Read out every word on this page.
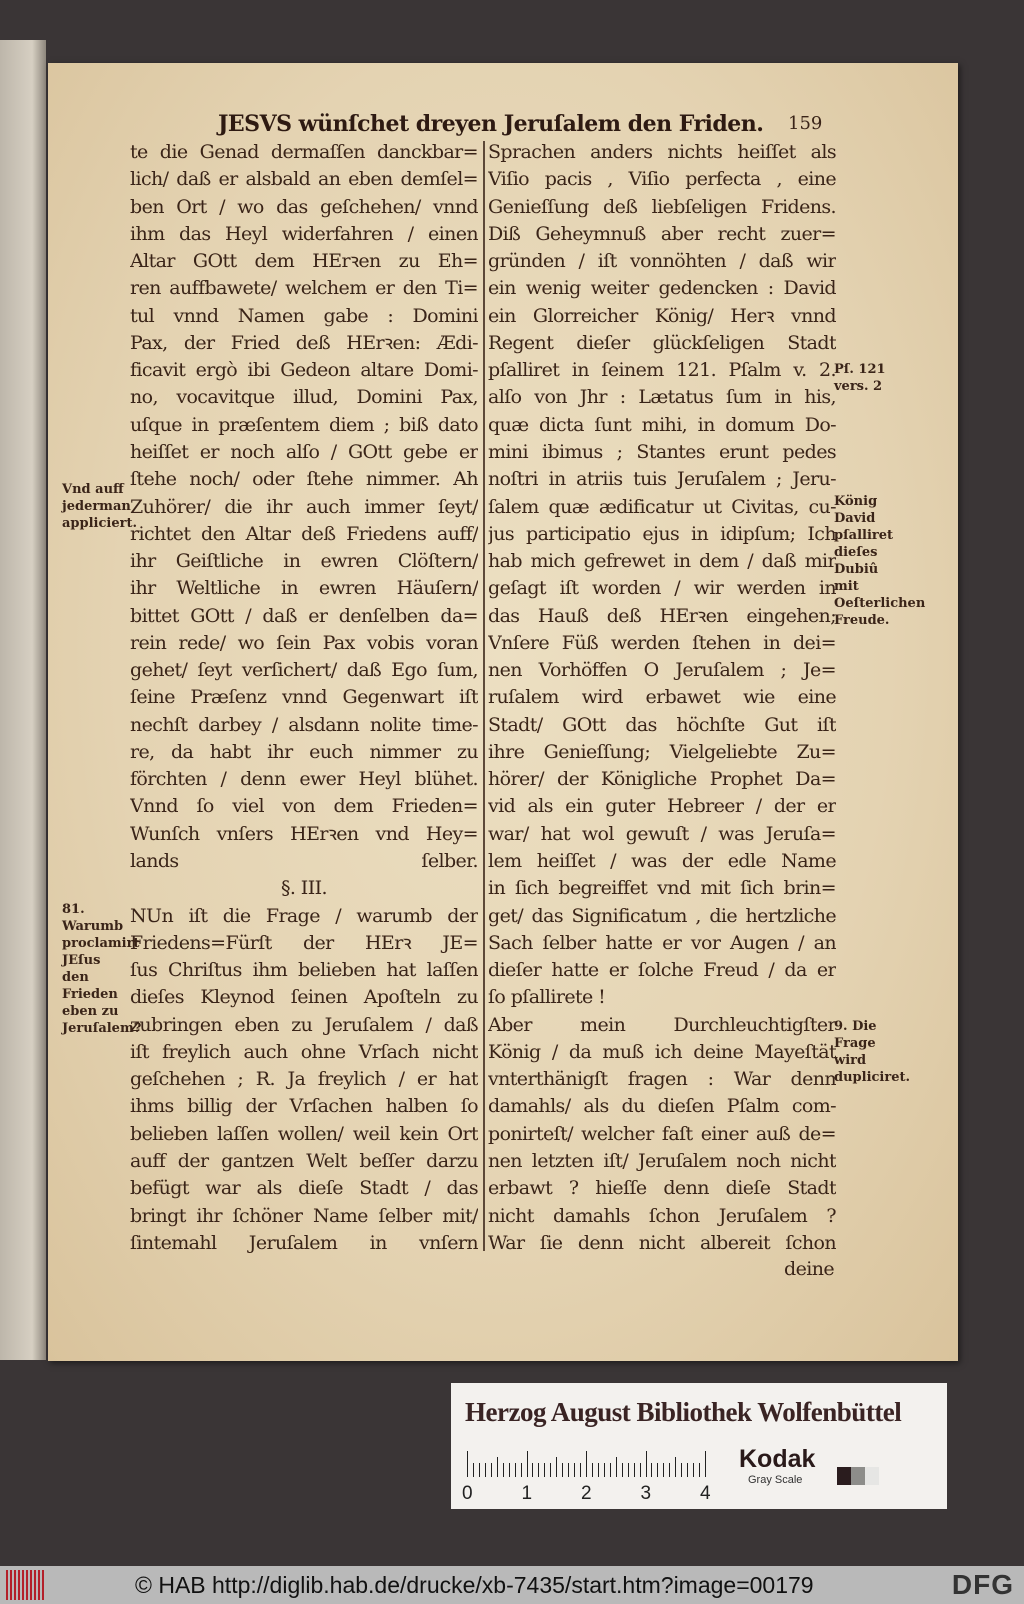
JESVS wünſchet dreyen Jeruſalem den Friden.	159
te die Genad dermaſſen danckbar=
lich/ daß er alsbald an eben demſel=
ben Ort / wo das geſchehen/ vnnd
ihm das Heyl widerfahren / einen
Altar GOtt dem HErꝛen zu Eh=
ren auffbawete/ welchem er den Ti=
tul vnnd Namen gabe : Domini
Pax, der Fried deß HErꝛen: Ædi-
ficavit ergò ibi Gedeon altare Domi-
no, vocavitque illud, Domini Pax,
uſque in præſentem diem ; biß dato
heiſſet er noch alſo / GOtt gebe er
ſtehe noch/ oder ſtehe nimmer. Ah
Zuhörer/ die ihr auch immer ſeyt/
richtet den Altar deß Friedens auff/
ihr Geiſtliche in ewren Clöſtern/
ihr Weltliche in ewren Häuſern/
bittet GOtt / daß er denſelben da=
rein rede/ wo ſein Pax vobis voran
gehet/ ſeyt verſichert/ daß Ego ſum,
ſeine Præſenz vnnd Gegenwart iſt
nechſt darbey / alsdann nolite time-
re, da habt ihr euch nimmer zu
förchten / denn ewer Heyl blühet.
Vnnd ſo viel von dem Frieden=
Wunſch vnſers HErꝛen vnd Hey=
lands ſelber.
§. III.
NUn iſt die Frage / warumb der
Friedens=Fürſt der HErꝛ JE=
ſus Chriſtus ihm belieben hat laſſen
dieſes Kleynod ſeinen Apoſteln zu
zubringen eben zu Jeruſalem / daß
iſt freylich auch ohne Vrſach nicht
geſchehen ; R. Ja freylich / er hat
ihms billig der Vrſachen halben ſo
belieben laſſen wollen/ weil kein Ort
auff der gantzen Welt beſſer darzu
befügt war als dieſe Stadt / das
bringt ihr ſchöner Name ſelber mit/
ſintemahl Jeruſalem in vnſern
Sprachen anders nichts heiſſet als
Viſio pacis , Viſio perfecta , eine
Genieſſung deß liebſeligen Fridens.
Diß Geheymnuß aber recht zuer=
gründen / iſt vonnöhten / daß wir
ein wenig weiter gedencken : David
ein Glorreicher König/ Herꝛ vnnd
Regent dieſer glückſeligen Stadt
pſalliret in ſeinem 121. Pſalm v. 2.
alſo von Jhr : Lætatus ſum in his,
quæ dicta ſunt mihi, in domum Do-
mini ibimus ; Stantes erunt pedes
noſtri in atriis tuis Jeruſalem ; Jeru-
ſalem quæ ædificatur ut Civitas, cu-
jus participatio ejus in idipſum; Ich
hab mich gefrewet in dem / daß mir
geſagt iſt worden / wir werden in
das Hauß deß HErꝛen eingehen;
Vnſere Füß werden ſtehen in dei=
nen Vorhöffen O Jeruſalem ; Je=
ruſalem wird erbawet wie eine
Stadt/ GOtt das höchſte Gut iſt
ihre Genieſſung; Vielgeliebte Zu=
hörer/ der Königliche Prophet Da=
vid als ein guter Hebreer / der er
war/ hat wol gewuſt / was Jeruſa=
lem heiſſet / was der edle Name
in ſich begreiffet vnd mit ſich brin=
get/ das Significatum , die hertzliche
Sach ſelber hatte er vor Augen / an
dieſer hatte er ſolche Freud / da er
ſo pſallirete !
Aber mein Durchleuchtigſter
König / da muß ich deine Mayeſtät
vnterthänigſt fragen : War denn
damahls/ als du dieſen Pſalm com-
ponirteſt/ welcher faſt einer auß de=
nen letzten iſt/ Jeruſalem noch nicht
erbawt ? hieſſe denn dieſe Stadt
nicht damahls ſchon Jeruſalem ?
War ſie denn nicht albereit ſchon
Vnd auff jederman appliciert.
81. Warumb proclamirt JEſus den Frieden eben zu Jeruſalem?
Pſ. 121 vers. 2
König David pſalliret dieſes Dubiû mit Oeſterlichen Freude.
9. Die Frage wird dupliciret.
deine
Herzog August Bibliothek Wolfenbüttel
0	1	2	3	4
Kodak
Gray Scale
© HAB http://diglib.hab.de/drucke/xb-7435/start.htm?image=00179	DFG
